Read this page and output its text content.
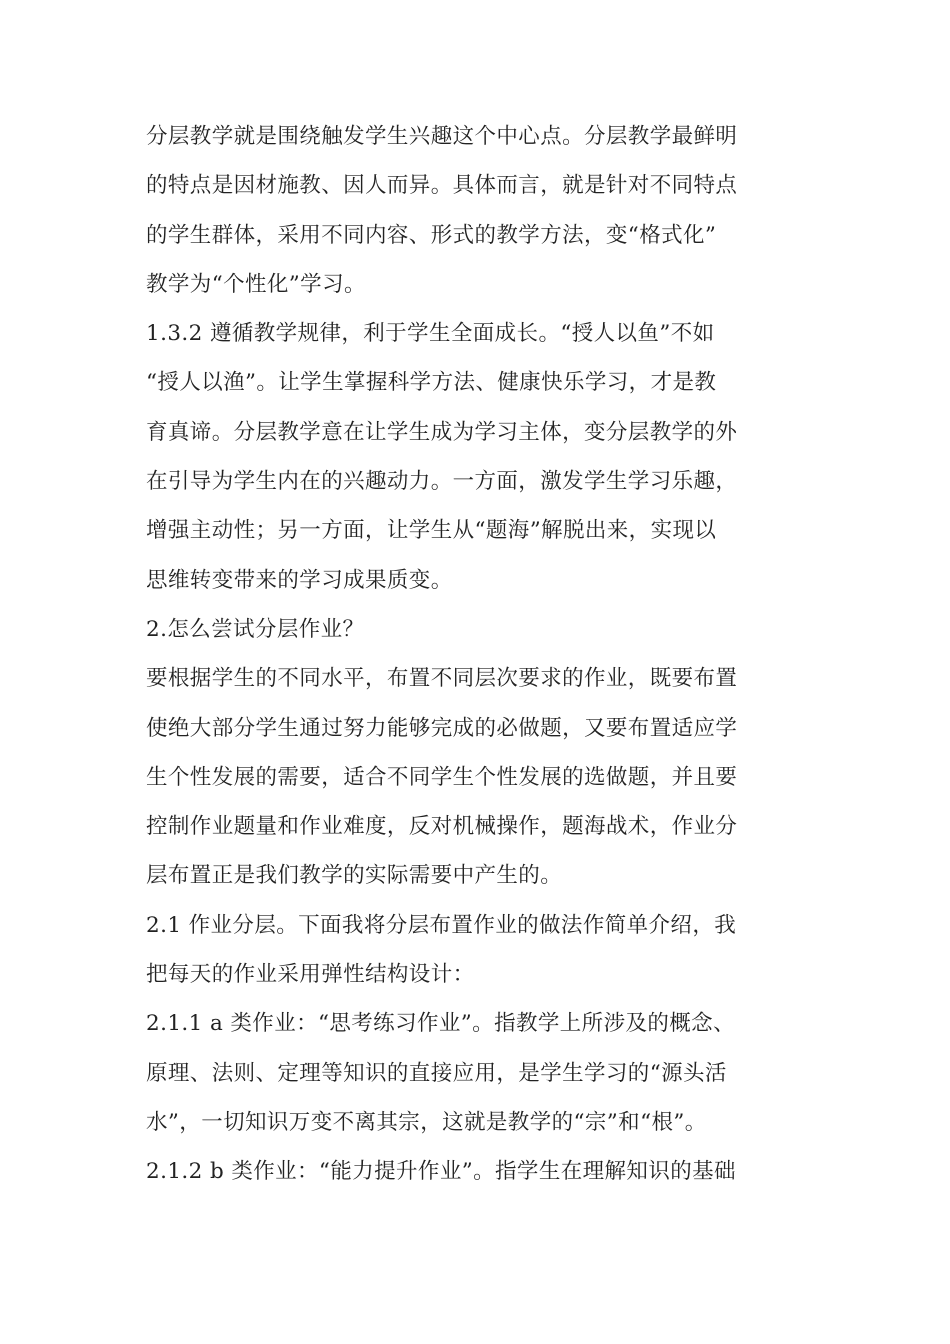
分层教学就是围绕触发学生兴趣这个中心点。分层教学最鲜明
的特点是因材施教、因人而异。具体而言，就是针对不同特点
的学生群体，采用不同内容、形式的教学方法，变“格式化”
教学为“个性化”学习。
1.3.2 遵循教学规律，利于学生全面成长。“授人以鱼”不如
“授人以渔”。让学生掌握科学方法、健康快乐学习，才是教
育真谛。分层教学意在让学生成为学习主体，变分层教学的外
在引导为学生内在的兴趣动力。一方面，激发学生学习乐趣，
增强主动性；另一方面，让学生从“题海”解脱出来，实现以
思维转变带来的学习成果质变。
2.怎么尝试分层作业？
要根据学生的不同水平，布置不同层次要求的作业，既要布置
使绝大部分学生通过努力能够完成的必做题，又要布置适应学
生个性发展的需要，适合不同学生个性发展的选做题，并且要
控制作业题量和作业难度，反对机械操作，题海战术，作业分
层布置正是我们教学的实际需要中产生的。
2.1 作业分层。下面我将分层布置作业的做法作简单介绍，我
把每天的作业采用弹性结构设计：
2.1.1 a 类作业：“思考练习作业”。指教学上所涉及的概念、
原理、法则、定理等知识的直接应用，是学生学习的“源头活
水”，一切知识万变不离其宗，这就是教学的“宗”和“根”。
2.1.2 b 类作业：“能力提升作业”。指学生在理解知识的基础
